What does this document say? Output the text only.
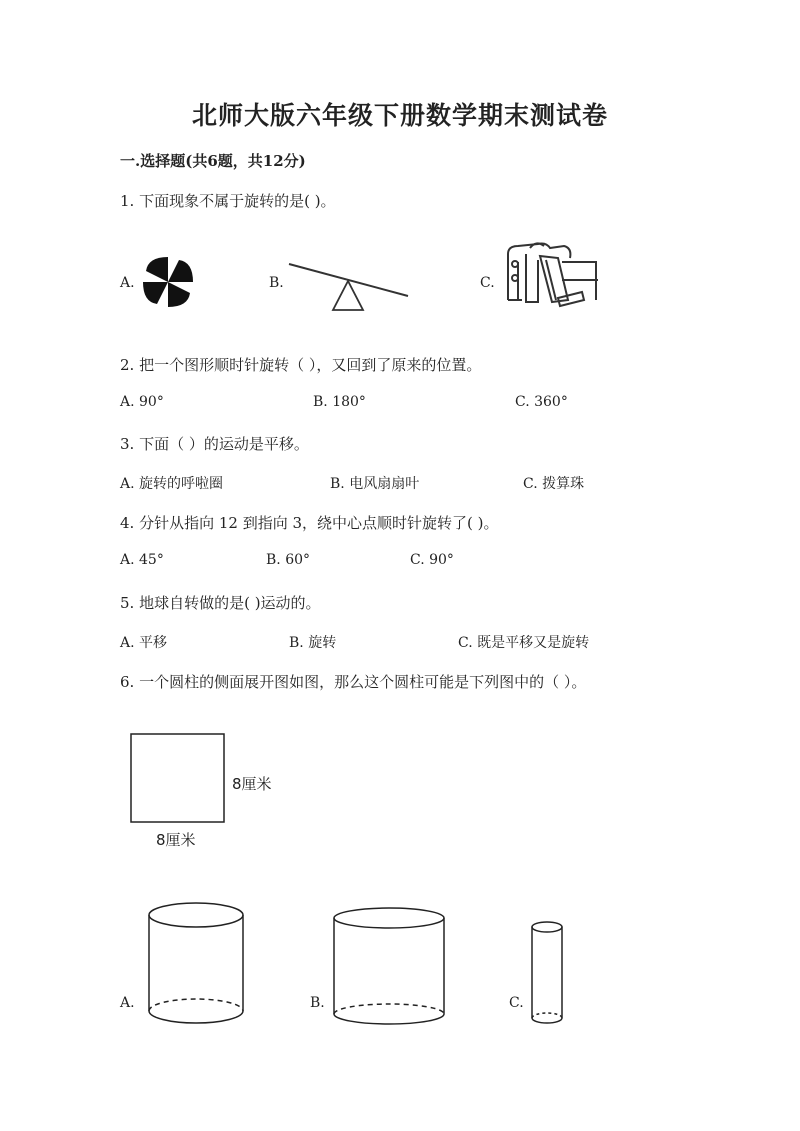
北师大版六年级下册数学期末测试卷
一.选择题(共6题，共12分)
1. 下面现象不属于旋转的是( )。
A.	B.	C.
2. 把一个图形顺时针旋转（ ），又回到了原来的位置。
A. 90°	B. 180°	C. 360°
3. 下面（ ）的运动是平移。
A. 旋转的呼啦圈	B. 电风扇扇叶	C. 拨算珠
4. 分针从指向 12 到指向 3，绕中心点顺时针旋转了( )。
A. 45°	B. 60°	C. 90°
5. 地球自转做的是( )运动的。
A. 平移	B. 旋转	C. 既是平移又是旋转
6. 一个圆柱的侧面展开图如图，那么这个圆柱可能是下列图中的（ ）。
8厘米
8厘米
A.	B.	C.
